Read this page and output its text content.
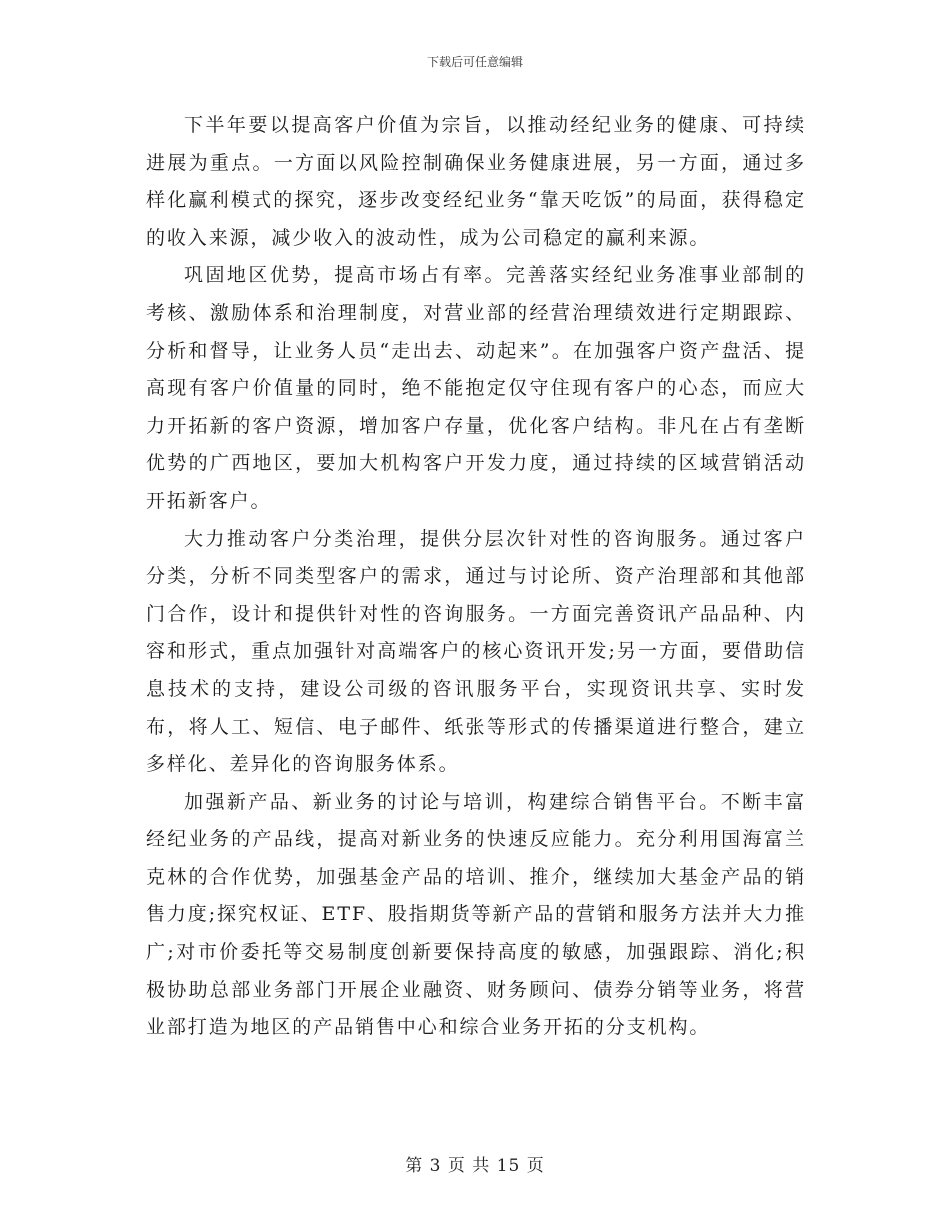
下载后可任意编辑

下半年要以提高客户价值为宗旨，以推动经纪业务的健康、可持续进展为重点。一方面以风险控制确保业务健康进展，另一方面，通过多样化赢利模式的探究，逐步改变经纪业务“靠天吃饭”的局面，获得稳定的收入来源，减少收入的波动性，成为公司稳定的赢利来源。

巩固地区优势，提高市场占有率。完善落实经纪业务准事业部制的考核、激励体系和治理制度，对营业部的经营治理绩效进行定期跟踪、分析和督导，让业务人员“走出去、动起来”。在加强客户资产盘活、提高现有客户价值量的同时，绝不能抱定仅守住现有客户的心态，而应大力开拓新的客户资源，增加客户存量，优化客户结构。非凡在占有垄断优势的广西地区，要加大机构客户开发力度，通过持续的区域营销活动开拓新客户。

大力推动客户分类治理，提供分层次针对性的咨询服务。通过客户分类，分析不同类型客户的需求，通过与讨论所、资产治理部和其他部门合作，设计和提供针对性的咨询服务。一方面完善资讯产品品种、内容和形式，重点加强针对高端客户的核心资讯开发;另一方面，要借助信息技术的支持，建设公司级的咨讯服务平台，实现资讯共享、实时发布，将人工、短信、电子邮件、纸张等形式的传播渠道进行整合，建立多样化、差异化的咨询服务体系。

加强新产品、新业务的讨论与培训，构建综合销售平台。不断丰富经纪业务的产品线，提高对新业务的快速反应能力。充分利用国海富兰克林的合作优势，加强基金产品的培训、推介，继续加大基金产品的销售力度;探究权证、ETF、股指期货等新产品的营销和服务方法并大力推广;对市价委托等交易制度创新要保持高度的敏感，加强跟踪、消化;积极协助总部业务部门开展企业融资、财务顾问、债券分销等业务，将营业部打造为地区的产品销售中心和综合业务开拓的分支机构。

第 3 页 共 15 页
